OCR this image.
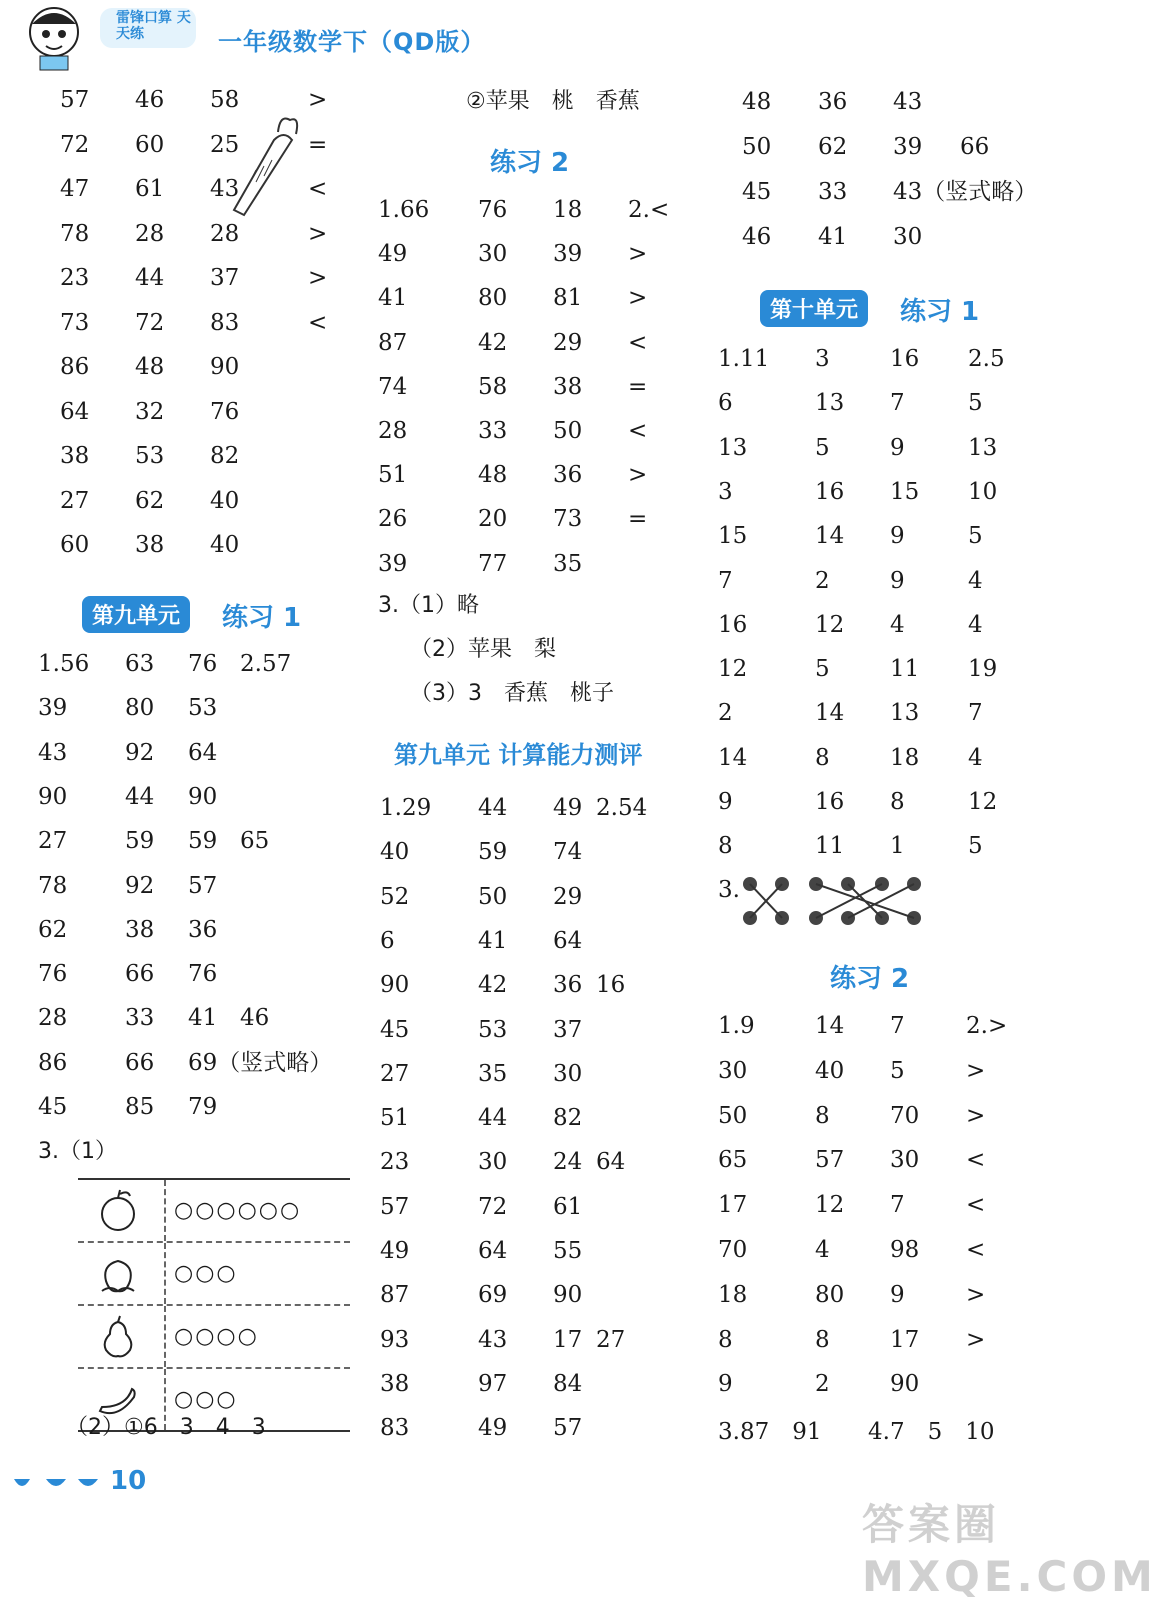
雷锋口算 天天练	一年级数学下（QD版）
57 46 58	>
72 60 25	=
47 61 43	<
78 28 28	>
23 44 37	>
73 72 83	<
86 48 90
64 32 76
38 53 82
27 62 40
60 38 40
第九单元	练习 1
1.56 63 76 2.57
39	80 53
43	92 64
90	44 90
27	59 59 65
78	92 57
62	38 36
76	66 76
28	33 41 46
86	66 69（竖式略）
45	85 79
3.（1）
○○○○○○
○○○
○○○○
○○○
（2）①6　3　4　3
②苹果　桃　香蕉
练习 2
1.66 76 18 2.<
49	30 39 >
41	80 81 >
87	42 29 <
74	58 38 =
28	33 50 <
51	48 36 >
26	20 73 =
39	77 35
3.（1）略
（2）苹果　梨
（3）3　香蕉　桃子
第九单元 计算能力测评
1.29 44 49 2.54
40	59 74
52	50 29
6	41 64
90	42 36 16
45	53 37
27	35 30
51	44 82
23	30 24 64
57	72 61
49	64 55
87	69 90
93	43 17 27
38	97 84
83	49 57
48 36 43
50 62 39 66
45 33 43（竖式略）
46 41 30
第十单元	练习 1
1.11 3	16 2.5
6	13 7	5
13	5	9	13
3	16 15 10
15	14 9	5
7	2	9	4
16	12 4	4
12	5	11 19
2	14 13 7
14	8	18 4
9	16 8	12
8	11 1	5
3.
练习 2
1.9	14 7	2.>
30	40 5	>
50	8	70 >
65	57 30 <
17	12 7	<
70	4	98 <
18	80 9	>
8	8	17 >
9	2	90
3.87　91 4.7　5　10
10
答案圈 MXQE.COM
